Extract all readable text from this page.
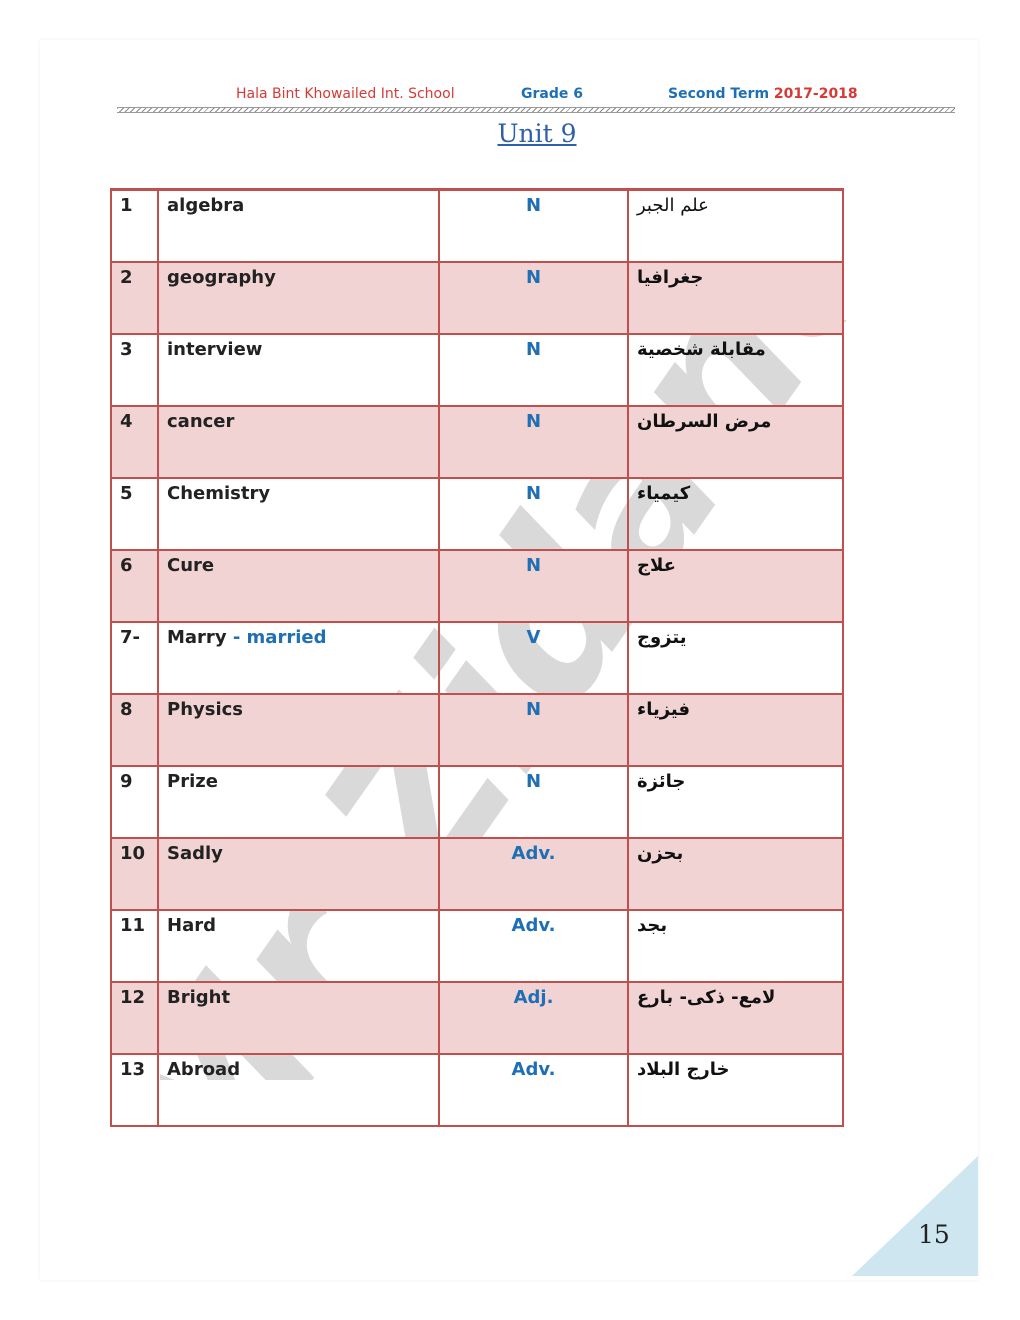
Mr Zidane
Hala Bint Khowailed Int. School	Grade 6	Second Term 2017-2018
Unit 9
1	algebra	N	علم الجبر
2	geography	N	جغرافيا
3	interview	N	مقابلة شخصية
4	cancer	N	مرض السرطان
5	Chemistry	N	كيمياء
6	Cure	N	علاج
7-	Marry - married	V	يتزوج
8	Physics	N	فيزياء
9	Prize	N	جائزة
10	Sadly	Adv.	بحزن
11	Hard	Adv.	بجد
12	Bright	Adj.	لامع- ذكى- بارع
13	Abroad	Adv.	خارج البلاد
15
